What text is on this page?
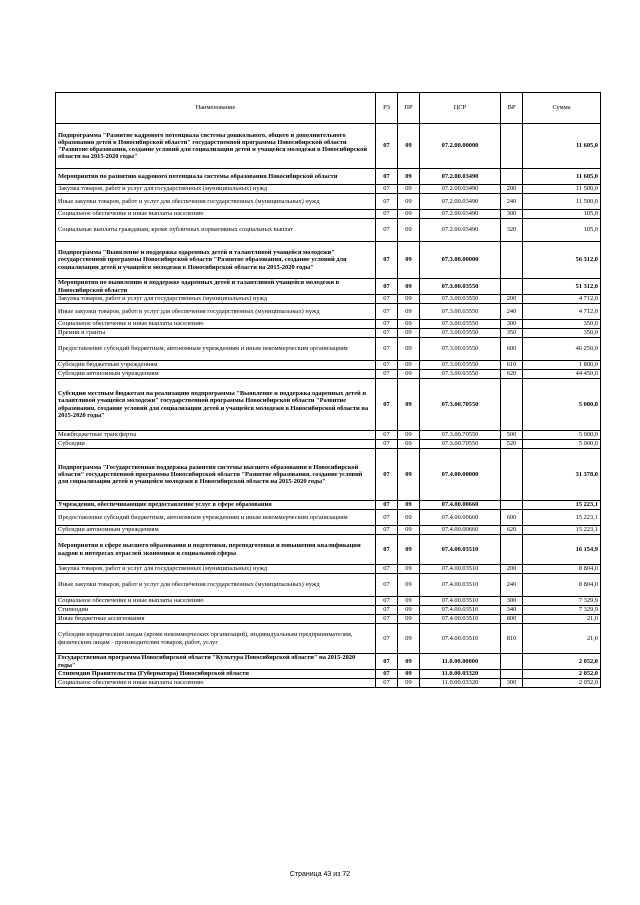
Наименование	РЗ	ПР	ЦСР	ВР	Сумма
Подпрограмма "Развитие кадрового потенциала системы дошкольного, общего и дополнительного образования детей в Новосибирской области" государственной программы Новосибирской области "Развитие образования, создание условий для социализации детей и учащейся молодежи в Новосибирской области на 2015-2020 годы"	07	09	07.2.00.00000		11 605,0
Мероприятия по развитию кадрового потенциала системы образования Новосибирской области	07	09	07.2.00.03490		11 605,0
Закупка товаров, работ и услуг для государственных (муниципальных) нужд	07	09	07.2.00.03490	200	11 500,0
Иные закупки товаров, работ и услуг для обеспечения государственных (муниципальных) нужд	07	09	07.2.00.03490	240	11 500,0
Социальное обеспечение и иные выплаты населению	07	09	07.2.00.03490	300	105,0
Социальные выплаты гражданам, кроме публичных нормативных социальных выплат	07	09	07.2.00.03490	320	105,0
Подпрограмма "Выявление и поддержка одаренных детей и талантливой учащейся молодежи" государственной программы Новосибирской области "Развитие образования, создание условий для социализации детей и учащейся молодежи в Новосибирской области на 2015-2020 годы"	07	09	07.3.00.00000		56 312,0
Мероприятия по выявлению и поддержке одаренных детей и талантливой учащейся молодежи в Новосибирской области	07	09	07.3.00.03550		51 312,0
Закупка товаров, работ и услуг для государственных (муниципальных) нужд	07	09	07.3.00.03550	200	4 712,0
Иные закупки товаров, работ и услуг для обеспечения государственных (муниципальных) нужд	07	09	07.3.00.03550	240	4 712,0
Социальное обеспечение и иные выплаты населению	07	09	07.3.00.03550	300	350,0
Премии и гранты	07	09	07.3.00.03550	350	350,0
Предоставление субсидий бюджетным, автономным учреждениям и иным некоммерческим организациям	07	09	07.3.00.03550	600	46 250,0
Субсидии бюджетным учреждениям	07	09	07.3.00.03550	610	1 800,0
Субсидии автономным учреждениям	07	09	07.3.00.03550	620	44 450,0
Субсидии местным бюджетам на реализацию подпрограммы "Выявление и поддержка одаренных детей и талантливой учащейся молодежи" государственной программы Новосибирской области "Развитие образования, создание условий для социализации детей и учащейся молодежи в Новосибирской области на 2015-2020 годы"	07	09	07.3.00.70550		5 000,0
Межбюджетные трансферты	07	09	07.3.00.70550	500	5 000,0
Субсидии	07	09	07.3.00.70550	520	5 000,0
Подпрограмма "Государственная поддержка развития системы высшего образования в Новосибирской области" государственной программы Новосибирской области "Развитие образования, создание условий для социализации детей и учащейся молодежи в Новосибирской области на 2015-2020 годы"	07	09	07.4.00.00000		31 378,0
Учреждения, обеспечивающие предоставление услуг в сфере образования	07	09	07.4.00.00660		15 223,1
Предоставление субсидий бюджетным, автономным учреждениям и иным некоммерческим организациям	07	09	07.4.00.00660	600	15 223,1
Субсидии автономным учреждениям	07	09	07.4.00.00660	620	15 223,1
Мероприятия в сфере высшего образования и подготовки, переподготовки и повышения квалификации кадров в интересах отраслей экономики и социальной сферы	07	09	07.4.00.03510		16 154,9
Закупка товаров, работ и услуг для государственных (муниципальных) нужд	07	09	07.4.00.03510	200	8 804,0
Иные закупки товаров, работ и услуг для обеспечения государственных (муниципальных) нужд	07	09	07.4.00.03510	240	8 804,0
Социальное обеспечение и иные выплаты населению	07	09	07.4.00.03510	300	7 329,9
Стипендии	07	09	07.4.00.03510	340	7 329,9
Иные бюджетные ассигнования	07	09	07.4.00.03510	800	21,0
Субсидии юридическим лицам (кроме некоммерческих организаций), индивидуальным предпринимателям, физическим лицам - производителям товаров, работ, услуг	07	09	07.4.00.03510	810	21,0
Государственная программа Новосибирской области "Культура Новосибирской области" на 2015-2020 годы"	07	09	11.0.00.00000		2 052,0
Стипендии Правительства (Губернатора) Новосибирской области	07	09	11.0.00.03320		2 052,0
Социальное обеспечение и иные выплаты населению	07	09	11.0.00.03320	300	2 052,0
Страница 43 из 72
